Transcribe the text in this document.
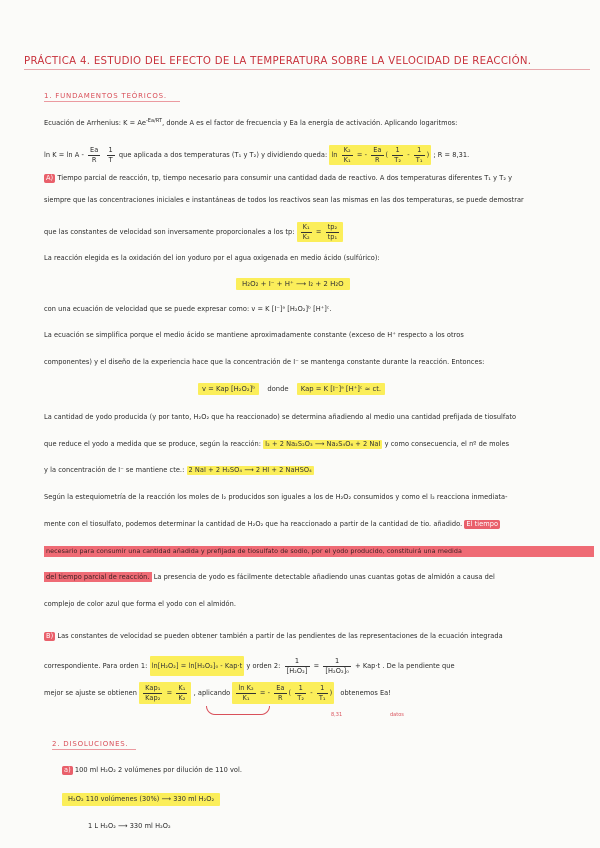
PRÁCTICA 4. ESTUDIO DEL EFECTO DE LA TEMPERATURA SOBRE LA VELOCIDAD DE REACCIÓN.
1. FUNDAMENTOS TEÓRICOS.
Ecuación de Arrhenius: $K = Ae^{-Ea/RT}$, donde A es el factor de frecuencia y Ea la energía de activación. Aplicando logaritmos:
$\ln K = \ln A - \frac{Ea}{R}$
$\frac{1}{T}$ que aplicada a dos temperaturas (T₁ y T₂) y dividiendo queda: $\ln \frac{\text{K₂}}{\text{K₁}}$ = - $\frac{Ea}{R}$ ( $\frac{1}{\text{T₂}} - \frac{1}{\text{T₁}}$ ) ; R = 8,31.
A) Tiempo parcial de reacción, tp, tiempo necesario para consumir una cantidad dada de reactivo. A dos temperaturas diferentes T₁ y T₂ y
siempre que las concentraciones iniciales e instantáneas de todos los reactivos sean las mismas en las dos temperaturas, se puede demostrar
que las constantes de velocidad son inversamente proporcionales a los tp: $\frac{\text{K₁}}{\text{K₂}} = \frac{\text{tp₂}}{\text{tp₁}}$
La reacción elegida es la oxidación del ion yoduro por el agua oxigenada en medio ácido (sulfúrico):
H₂O₂ + I⁻ + H⁺ ⟶ I₂ + 2 H₂O
con una ecuación de velocidad que se puede expresar como: v = K [I⁻]ᵃ [H₂O₂]ᵇ [H⁺]ᶜ.
La ecuación se simplifica porque el medio ácido se mantiene aproximadamente constante (exceso de H⁺ respecto a los otros
componentes) y el diseño de la experiencia hace que la concentración de I⁻ se mantenga constante durante la reacción. Entonces:
v = Kap [H₂O₂]ᵇ donde Kap = K [I⁻]ᵃ [H⁺]ᶜ ≈ ct.
La cantidad de yodo producida (y por tanto, H₂O₂ que ha reaccionado) se determina añadiendo al medio una cantidad prefijada de tiosulfato
que reduce el yodo a medida que se produce, según la reacción: I₂ + 2 Na₂S₂O₃ ⟶ Na₂S₄O₆ + 2 NaI y como consecuencia, el nº de moles
y la concentración de I⁻ se mantiene cte.: 2 NaI + 2 H₂SO₄ ⟶ 2 HI + 2 NaHSO₄
Según la estequiometría de la reacción los moles de I₂ producidos son iguales a los de H₂O₂ consumidos y como el I₂ reacciona inmediata-
mente con el tiosulfato, podemos determinar la cantidad de H₂O₂ que ha reaccionado a partir de la cantidad de tio. añadido. El tiempo
necesario para consumir una cantidad añadida y prefijada de tiosulfato de sodio, por el yodo producido, constituirá una medida
del tiempo parcial de reacción. La presencia de yodo es fácilmente detectable añadiendo unas cuantas gotas de almidón a causa del
complejo de color azul que forma el yodo con el almidón.
B) Las constantes de velocidad se pueden obtener también a partir de las pendientes de las representaciones de la ecuación integrada
correspondiente. Para orden 1: ln[H₂O₂] = ln[H₂O₂]₀ - Kap·t y orden 2: $\frac{1}{\text{[H₂O₂]}} = \frac{1}{\text{[H₂O₂]₀}} + Kap\cdot t$ . De la pendiente que
mejor se ajuste se obtienen $\frac{\text{Kap₁}}{\text{Kap₂}} = \frac{\text{K₁}}{\text{K₂}}$ , aplicando $\frac{\text{ln K₂}}{\text{K₁}}$ = - $\frac{Ea}{R}$ ( $\frac{1}{\text{T₂}} - \frac{1}{\text{T₁}}$ ) obtenemos Ea!
8,31	datos
2. DISOLUCIONES.
a) 100 ml H₂O₂ 2 volúmenes por dilución de 110 vol.
H₂O₂ 110 volúmenes (30%) ⟶ 330 ml H₂O₂
1 L H₂O₂ ⟶ 330 ml H₂O₂
